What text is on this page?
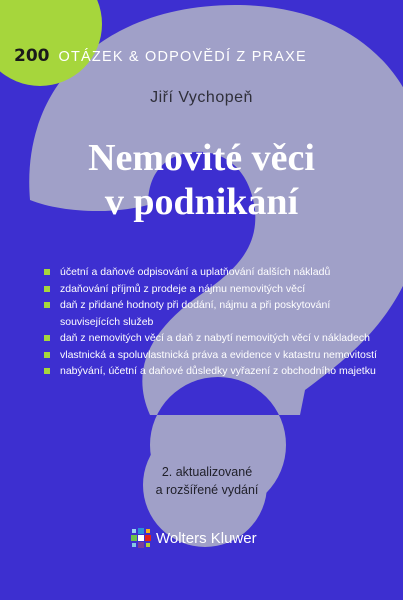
200 OTÁZEK & ODPOVĚDÍ Z PRAXE
Jiří Vychopeň
Nemovité věci
v podnikání
účetní a daňové odpisování a uplatňování dalších nákladů
zdaňování příjmů z prodeje a nájmu nemovitých věcí
daň z přidané hodnoty při dodání, nájmu a při poskytování souvisejících služeb
daň z nemovitých věcí a daň z nabytí nemovitých věcí v nákladech
vlastnická a spoluvlastnická práva a evidence v katastru nemovitostí
nabývání, účetní a daňové důsledky vyřazení z obchodního majetku
2. aktualizované
a rozšířené vydání
Wolters Kluwer
